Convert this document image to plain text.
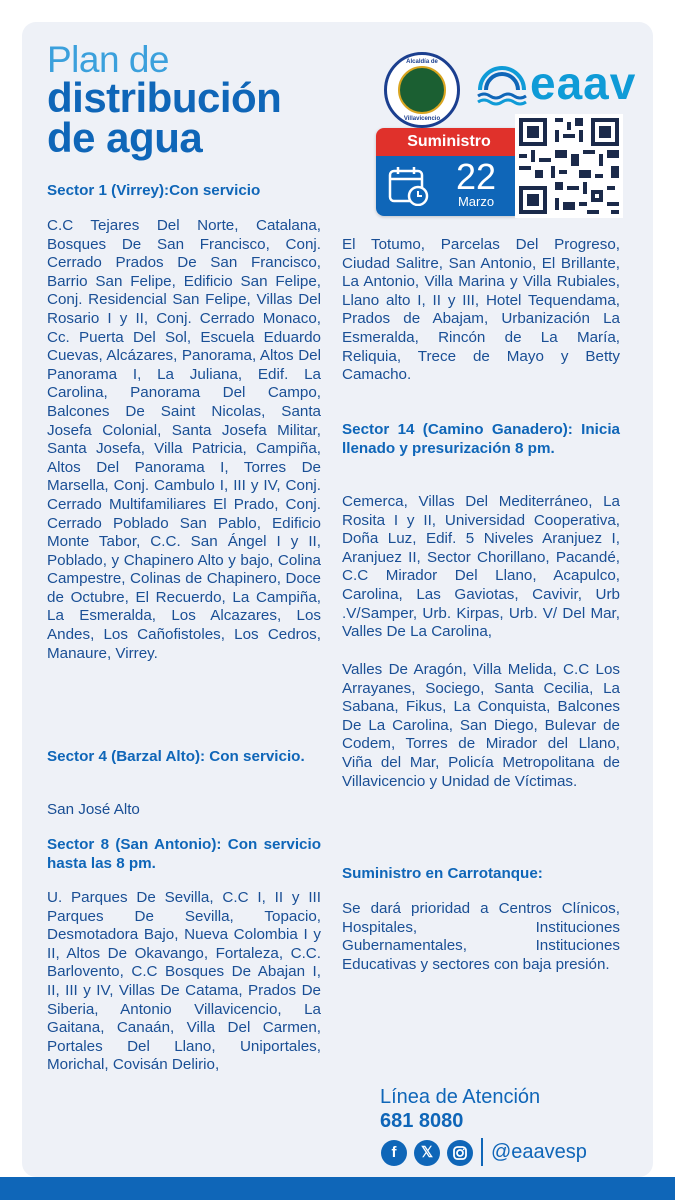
Plan de
distribución
de agua
Alcaldía de
Villavicencio
eaav
Suministro
22
Marzo
Sector 1 (Virrey):Con servicio
C.C Tejares Del Norte, Catalana, Bosques De San Francisco, Conj. Cerrado Prados De San Francisco, Barrio San Felipe, Edificio San Felipe, Conj. Residencial San Felipe, Villas Del Rosario I y II, Conj. Cerrado Monaco, Cc. Puerta Del Sol, Escuela Eduardo Cuevas, Alcázares, Panorama, Altos Del Panorama I, La Juliana, Edif. La Carolina, Panorama Del Campo, Balcones De Saint Nicolas, Santa Josefa Colonial, Santa Josefa Militar, Santa Josefa, Villa Patricia, Campiña, Altos Del Panorama I, Torres De Marsella, Conj. Cambulo I, III y IV, Conj. Cerrado Multifamiliares El Prado, Conj. Cerrado Poblado San Pablo, Edificio Monte Tabor, C.C. San Ángel I y II, Poblado, y Chapinero Alto y bajo, Colina Campestre, Colinas de Chapinero, Doce de Octubre, El Recuerdo, La Campiña, La Esmeralda, Los Alcazares, Los Andes, Los Cañofistoles, Los Cedros, Manaure, Virrey.
Sector 4 (Barzal Alto): Con servicio.
San José Alto
Sector 8 (San Antonio): Con servicio hasta las 8 pm.
U. Parques De Sevilla, C.C I, II y III Parques De Sevilla, Topacio, Desmotadora Bajo, Nueva Colombia I y II, Altos De Okavango, Fortaleza, C.C. Barlovento, C.C Bosques De Abajan I, II, III y IV, Villas De Catama, Prados De Siberia, Antonio Villavicencio, La Gaitana, Canaán, Villa Del Carmen, Portales Del Llano, Uniportales, Morichal, Covisán Delirio,
El Totumo, Parcelas Del Progreso, Ciudad Salitre, San Antonio, El Brillante, La Antonio, Villa Marina y Villa Rubiales, Llano alto I, II y III, Hotel Tequendama, Prados de Abajam, Urbanización La Esmeralda, Rincón de La María, Reliquia, Trece de Mayo y Betty Camacho.
Sector 14 (Camino Ganadero): Inicia llenado y presurización 8 pm.
Cemerca, Villas Del Mediterráneo, La Rosita I y II, Universidad Cooperativa, Doña Luz, Edif. 5 Niveles Aranjuez I, Aranjuez II, Sector Chorillano, Pacandé, C.C Mirador Del Llano, Acapulco, Carolina, Las Gaviotas, Cavivir, Urb .V/Samper, Urb. Kirpas, Urb. V/ Del Mar, Valles De La Carolina,
Valles De Aragón, Villa Melida, C.C Los Arrayanes, Sociego, Santa Cecilia, La Sabana, Fikus, La Conquista, Balcones De La Carolina, San Diego, Bulevar de Codem, Torres de Mirador del Llano, Viña del Mar, Policía Metropolitana de Villavicencio y Unidad de Víctimas.
Suministro en Carrotanque:
Se dará prioridad a Centros Clínicos, Hospitales, Instituciones Gubernamentales, Instituciones Educativas y sectores con baja presión.
Línea de Atención
681 8080
f	𝕏	@eaavesp
